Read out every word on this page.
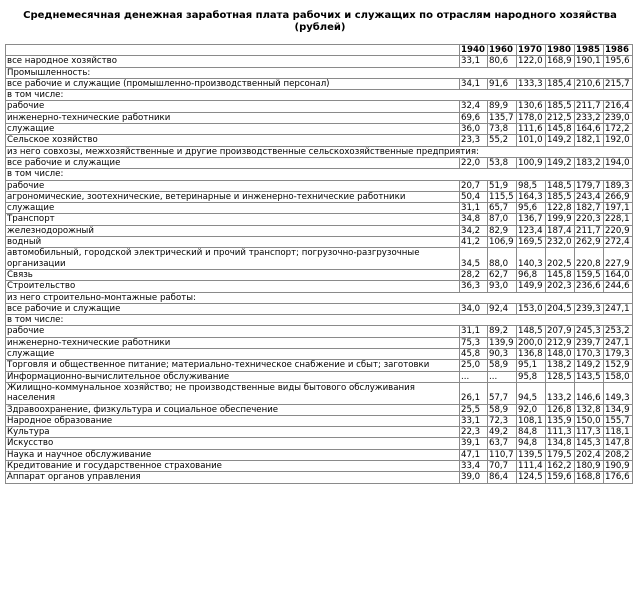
Среднемесячная денежная заработная плата рабочих и служащих по отраслям народного хозяйства
(рублей)
	1940	1960	1970	1980	1985	1986
все народное хозяйство	33,1	80,6	122,0	168,9	190,1	195,6
Промышленность:						
все рабочие и служащие (промышленно-производственный персонал)	34,1	91,6	133,3	185,4	210,6	215,7
в том числе:						
рабочие	32,4	89,9	130,6	185,5	211,7	216,4
инженерно-технические работники	69,6	135,7	178,0	212,5	233,2	239,0
служащие	36,0	73,8	111,6	145,8	164,6	172,2
Сельское хозяйство	23,3	55,2	101,0	149,2	182,1	192,0
из него совхозы, межхозяйственные и другие производственные сельскохозяйственные предприятия:						
все рабочие и служащие	22,0	53,8	100,9	149,2	183,2	194,0
в том числе:						
рабочие	20,7	51,9	98,5	148,5	179,7	189,3
агрономические, зоотехнические, ветеринарные и инженерно-технические работники	50,4	115,5	164,3	185,5	243,4	266,9
служащие	31,1	65,7	95,6	122,8	182,7	197,1
Транспорт	34,8	87,0	136,7	199,9	220,3	228,1
железнодорожный	34,2	82,9	123,4	187,4	211,7	220,9
водный	41,2	106,9	169,5	232,0	262,9	272,4
автомобильный, городской электрический и прочий транспорт; погрузочно-разгрузочные организации	34,5	88,0	140,3	202,5	220,8	227,9
Связь	28,2	62,7	96,8	145,8	159,5	164,0
Строительство	36,3	93,0	149,9	202,3	236,6	244,6
из него строительно-монтажные работы:						
все рабочие и служащие	34,0	92,4	153,0	204,5	239,3	247,1
в том числе:						
рабочие	31,1	89,2	148,5	207,9	245,3	253,2
инженерно-технические работники	75,3	139,9	200,0	212,9	239,7	247,1
служащие	45,8	90,3	136,8	148,0	170,3	179,3
Торговля и общественное питание; материально-техническое снабжение и сбыт; заготовки	25,0	58,9	95,1	138,2	149,2	152,9
Информационно-вычислительное обслуживание	...	...	95,8	128,5	143,5	158,0
Жилищно-коммунальное хозяйство; не производственные виды бытового обслуживания населения	26,1	57,7	94,5	133,2	146,6	149,3
Здравоохранение, физкультура и социальное обеспечение	25,5	58,9	92,0	126,8	132,8	134,9
Народное образование	33,1	72,3	108,1	135,9	150,0	155,7
Культура	22,3	49,2	84,8	111,3	117,3	118,1
Искусство	39,1	63,7	94,8	134,8	145,3	147,8
Наука и научное обслуживание	47,1	110,7	139,5	179,5	202,4	208,2
Кредитование и государственное страхование	33,4	70,7	111,4	162,2	180,9	190,9
Аппарат органов управления	39,0	86,4	124,5	159,6	168,8	176,6
